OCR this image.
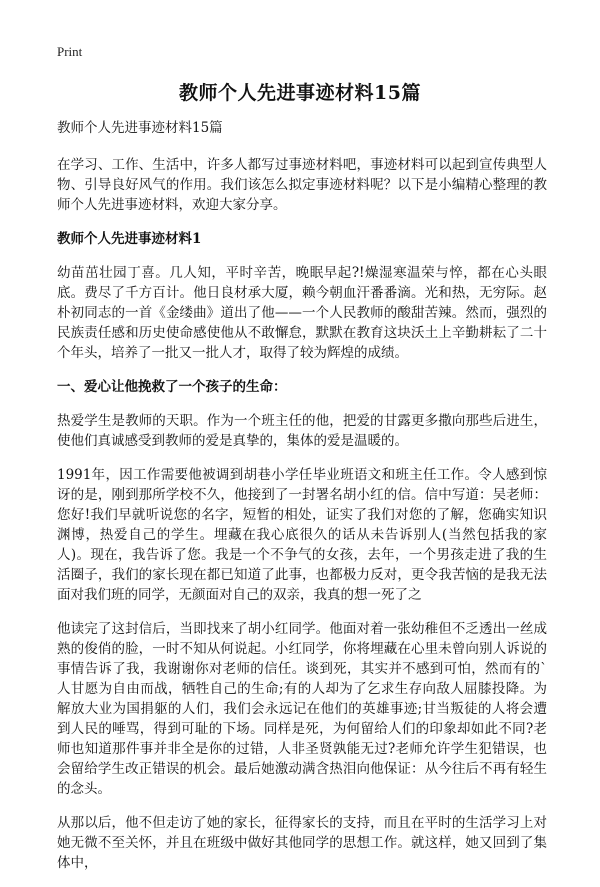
Print
教师个人先进事迹材料15篇

教师个人先进事迹材料15篇

在学习、工作、生活中，许多人都写过事迹材料吧，事迹材料可以起到宣传典型人物、引导良好风气的作用。我们该怎么拟定事迹材料呢？以下是小编精心整理的教师个人先进事迹材料，欢迎大家分享。

教师个人先进事迹材料1

幼苗茁壮园丁喜。几人知，平时辛苦，晚眠早起?!燥湿寒温荣与悴，都在心头眼底。费尽了千方百计。他日良材承大厦，赖今朝血汗番番滴。光和热，无穷际。赵朴初同志的一首《金缕曲》道出了他——一个人民教师的酸甜苦辣。然而，强烈的民族责任感和历史使命感使他从不敢懈怠，默默在教育这块沃土上辛勤耕耘了二十个年头，培养了一批又一批人才，取得了较为辉煌的成绩。

一、爱心让他挽救了一个孩子的生命：

热爱学生是教师的天职。作为一个班主任的他，把爱的甘露更多撒向那些后进生，使他们真诚感受到教师的爱是真挚的，集体的爱是温暖的。

1991年，因工作需要他被调到胡巷小学任毕业班语文和班主任工作。令人感到惊讶的是，刚到那所学校不久，他接到了一封署名胡小红的信。信中写道：吴老师：您好!我们早就听说您的名字，短暂的相处，证实了我们对您的了解，您确实知识渊博，热爱自己的学生。埋藏在我心底很久的话从未告诉别人(当然包括我的家人)。现在，我告诉了您。我是一个不争气的女孩，去年，一个男孩走进了我的生活圈子，我们的家长现在都已知道了此事，也都极力反对，更令我苦恼的是我无法面对我们班的同学，无颜面对自己的双亲，我真的想一死了之

他读完了这封信后，当即找来了胡小红同学。他面对着一张幼稚但不乏透出一丝成熟的俊俏的脸，一时不知从何说起。小红同学，你将埋藏在心里未曾向别人诉说的事情告诉了我，我谢谢你对老师的信任。谈到死，其实并不感到可怕，然而有的`人甘愿为自由而战，牺牲自己的生命;有的人却为了乞求生存向敌人屈膝投降。为解放大业为国捐躯的人们，我们会永远记在他们的英雄事迹;甘当叛徒的人将会遭到人民的唾骂，得到可耻的下场。同样是死，为何留给人们的印象却如此不同?老师也知道那件事并非全是你的过错，人非圣贤孰能无过?老师允许学生犯错误，也会留给学生改正错误的机会。最后她激动满含热泪向他保证：从今往后不再有轻生的念头。

从那以后，他不但走访了她的家长，征得家长的支持，而且在平时的生活学习上对她无微不至关怀，并且在班级中做好其他同学的思想工作。就这样，她又回到了集体中，
